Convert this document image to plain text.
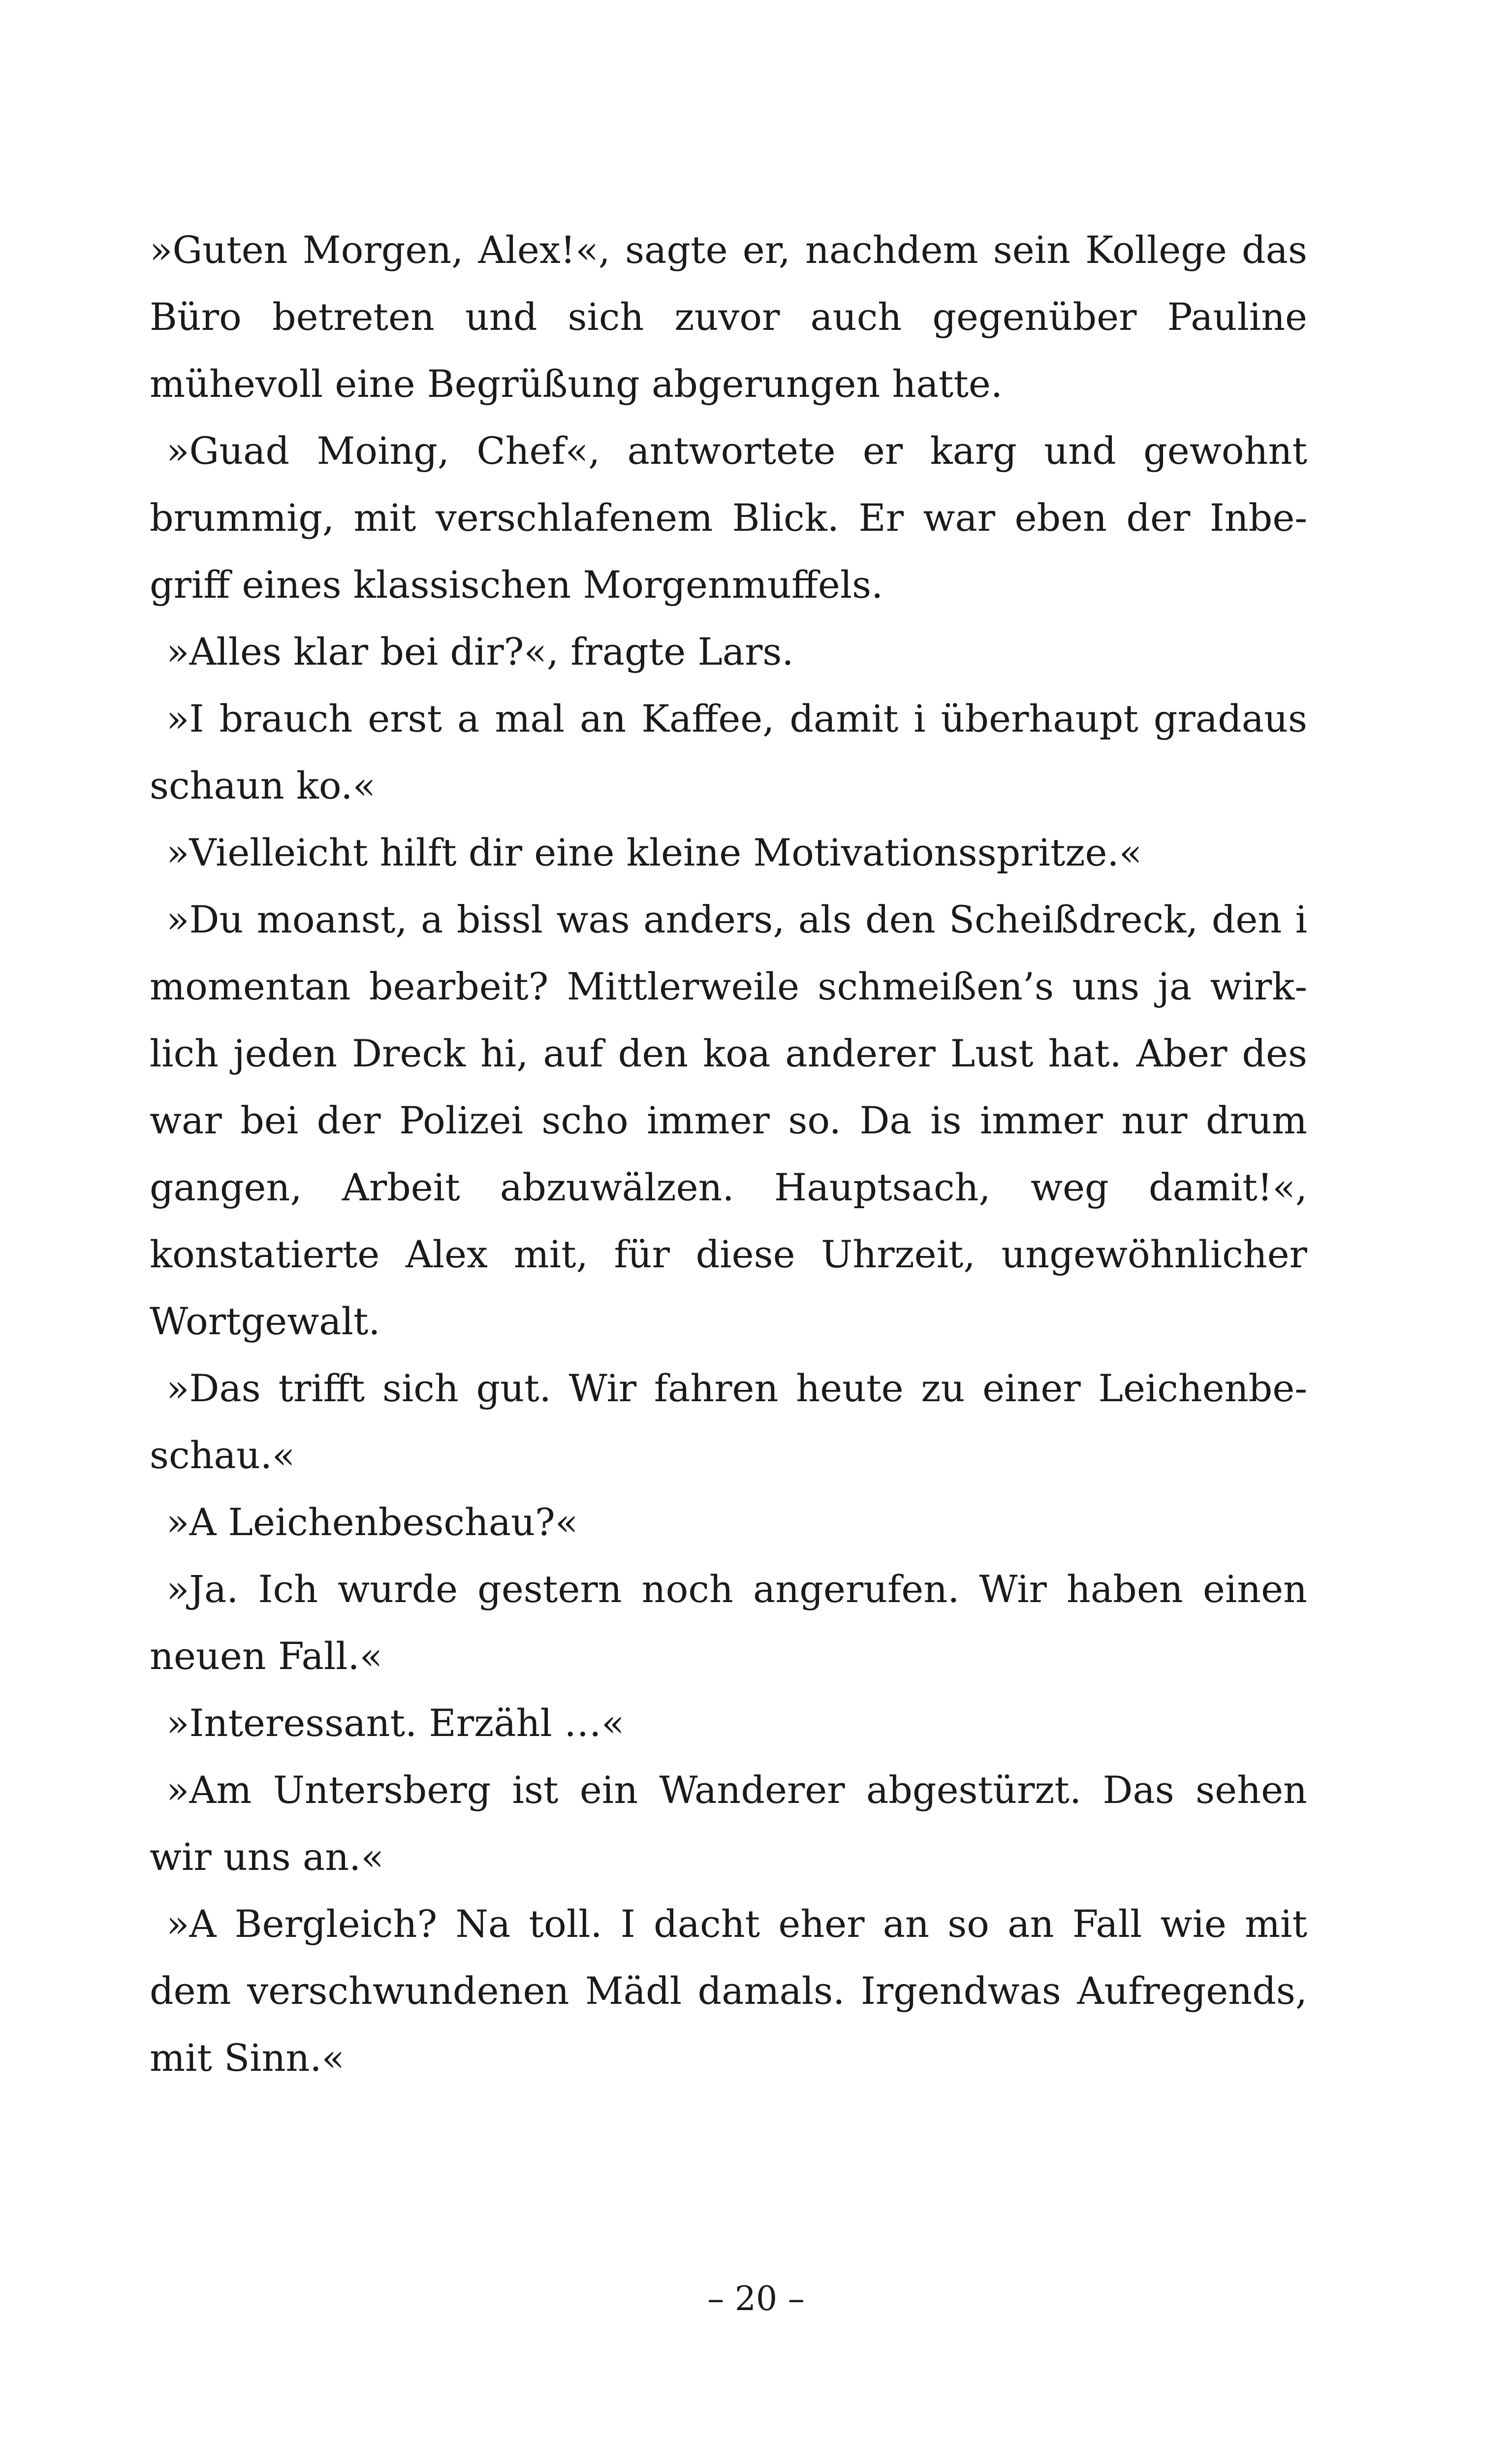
»Guten Morgen, Alex!«, sagte er, nachdem sein Kollege das Büro betreten und sich zuvor auch gegenüber Pauline mühevoll eine Begrüßung abgerungen hatte.

»Guad Moing, Chef«, antwortete er karg und gewohnt brummig, mit verschlafenem Blick. Er war eben der Inbegriff eines klassischen Morgenmuffels.

»Alles klar bei dir?«, fragte Lars.

»I brauch erst a mal an Kaffee, damit i überhaupt gradaus schaun ko.«

»Vielleicht hilft dir eine kleine Motivationsspritze.«

»Du moanst, a bissl was anders, als den Scheißdreck, den i momentan bearbeit? Mittlerweile schmeißen’s uns ja wirklich jeden Dreck hi, auf den koa anderer Lust hat. Aber des war bei der Polizei scho immer so. Da is immer nur drum gangen, Arbeit abzuwälzen. Hauptsach, weg damit!«, konstatierte Alex mit, für diese Uhrzeit, ungewöhnlicher Wortgewalt.

»Das trifft sich gut. Wir fahren heute zu einer Leichenbeschau.«

»A Leichenbeschau?«

»Ja. Ich wurde gestern noch angerufen. Wir haben einen neuen Fall.«

»Interessant. Erzähl …«

»Am Untersberg ist ein Wanderer abgestürzt. Das sehen wir uns an.«

»A Bergleich? Na toll. I dacht eher an so an Fall wie mit dem verschwundenen Mädl damals. Irgendwas Aufregends, mit Sinn.«

– 20 –
